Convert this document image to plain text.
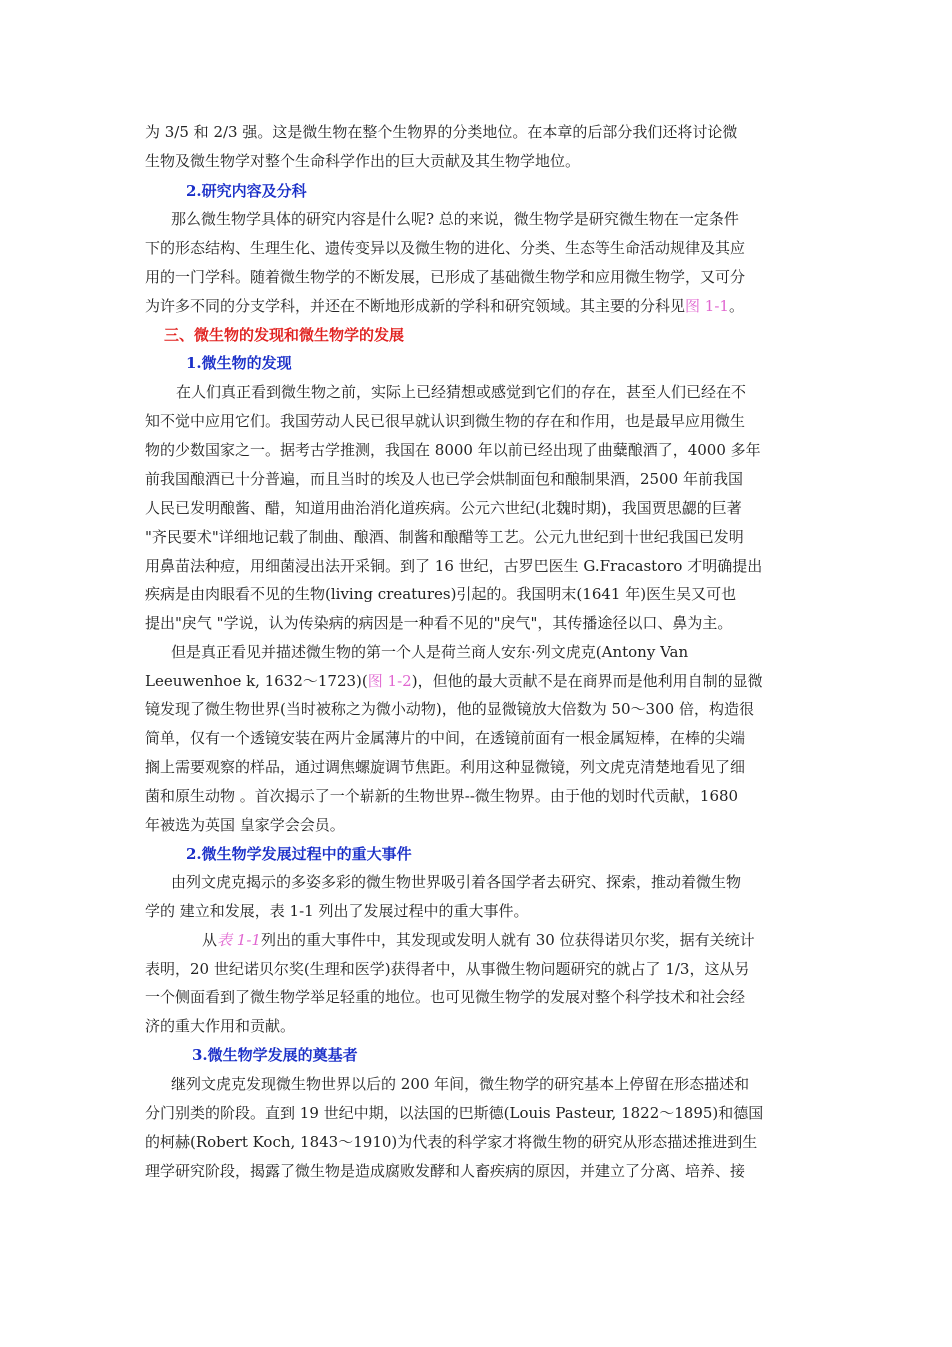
为 3/5 和 2/3 强。这是微生物在整个生物界的分类地位。在本章的后部分我们还将讨论微
生物及微生物学对整个生命科学作出的巨大贡献及其生物学地位。
2.研究内容及分科
那么微生物学具体的研究内容是什么呢? 总的来说，微生物学是研究微生物在一定条件
下的形态结构、生理生化、遗传变异以及微生物的进化、分类、生态等生命活动规律及其应
用的一门学科。随着微生物学的不断发展，已形成了基础微生物学和应用微生物学，又可分
为许多不同的分支学科，并还在不断地形成新的学科和研究领域。其主要的分科见图 1-1。
三、微生物的发现和微生物学的发展
1.微生物的发现
在人们真正看到微生物之前，实际上已经猜想或感觉到它们的存在，甚至人们已经在不
知不觉中应用它们。我国劳动人民已很早就认识到微生物的存在和作用，也是最早应用微生
物的少数国家之一。据考古学推测，我国在 8000 年以前已经出现了曲糵酿酒了，4000 多年
前我国酿酒已十分普遍，而且当时的埃及人也已学会烘制面包和酿制果酒，2500 年前我国
人民已发明酿酱、醋，知道用曲治消化道疾病。公元六世纪(北魏时期)，我国贾思勰的巨著
"齐民要术"详细地记载了制曲、酿酒、制酱和酿醋等工艺。公元九世纪到十世纪我国已发明
用鼻苗法种痘，用细菌浸出法开采铜。到了 16 世纪，古罗巴医生 G.Fracastoro 才明确提出
疾病是由肉眼看不见的生物(living creatures)引起的。我国明末(1641 年)医生吴又可也
提出"戾气 "学说，认为传染病的病因是一种看不见的"戾气"，其传播途径以口、鼻为主。
但是真正看见并描述微生物的第一个人是荷兰商人安东·列文虎克(Antony Van
Leeuwenhoe k, 1632～1723)(图 1-2)，但他的最大贡献不是在商界而是他利用自制的显微
镜发现了微生物世界(当时被称之为微小动物)，他的显微镜放大倍数为 50～300 倍，构造很
简单，仅有一个透镜安装在两片金属薄片的中间，在透镜前面有一根金属短棒，在棒的尖端
搁上需要观察的样品，通过调焦螺旋调节焦距。利用这种显微镜，列文虎克清楚地看见了细
菌和原生动物 。首次揭示了一个崭新的生物世界--微生物界。由于他的划时代贡献，1680
年被选为英国 皇家学会会员。
2.微生物学发展过程中的重大事件
由列文虎克揭示的多姿多彩的微生物世界吸引着各国学者去研究、探索，推动着微生物
学的 建立和发展，表 1-1 列出了发展过程中的重大事件。
从表 1-1列出的重大事件中，其发现或发明人就有 30 位获得诺贝尔奖，据有关统计
表明，20 世纪诺贝尔奖(生理和医学)获得者中，从事微生物问题研究的就占了 1/3，这从另
一个侧面看到了微生物学举足轻重的地位。也可见微生物学的发展对整个科学技术和社会经
济的重大作用和贡献。
3.微生物学发展的奠基者
继列文虎克发现微生物世界以后的 200 年间，微生物学的研究基本上停留在形态描述和
分门别类的阶段。直到 19 世纪中期，以法国的巴斯德(Louis Pasteur, 1822～1895)和德国
的柯赫(Robert Koch, 1843～1910)为代表的科学家才将微生物的研究从形态描述推进到生
理学研究阶段，揭露了微生物是造成腐败发酵和人畜疾病的原因，并建立了分离、培养、接
